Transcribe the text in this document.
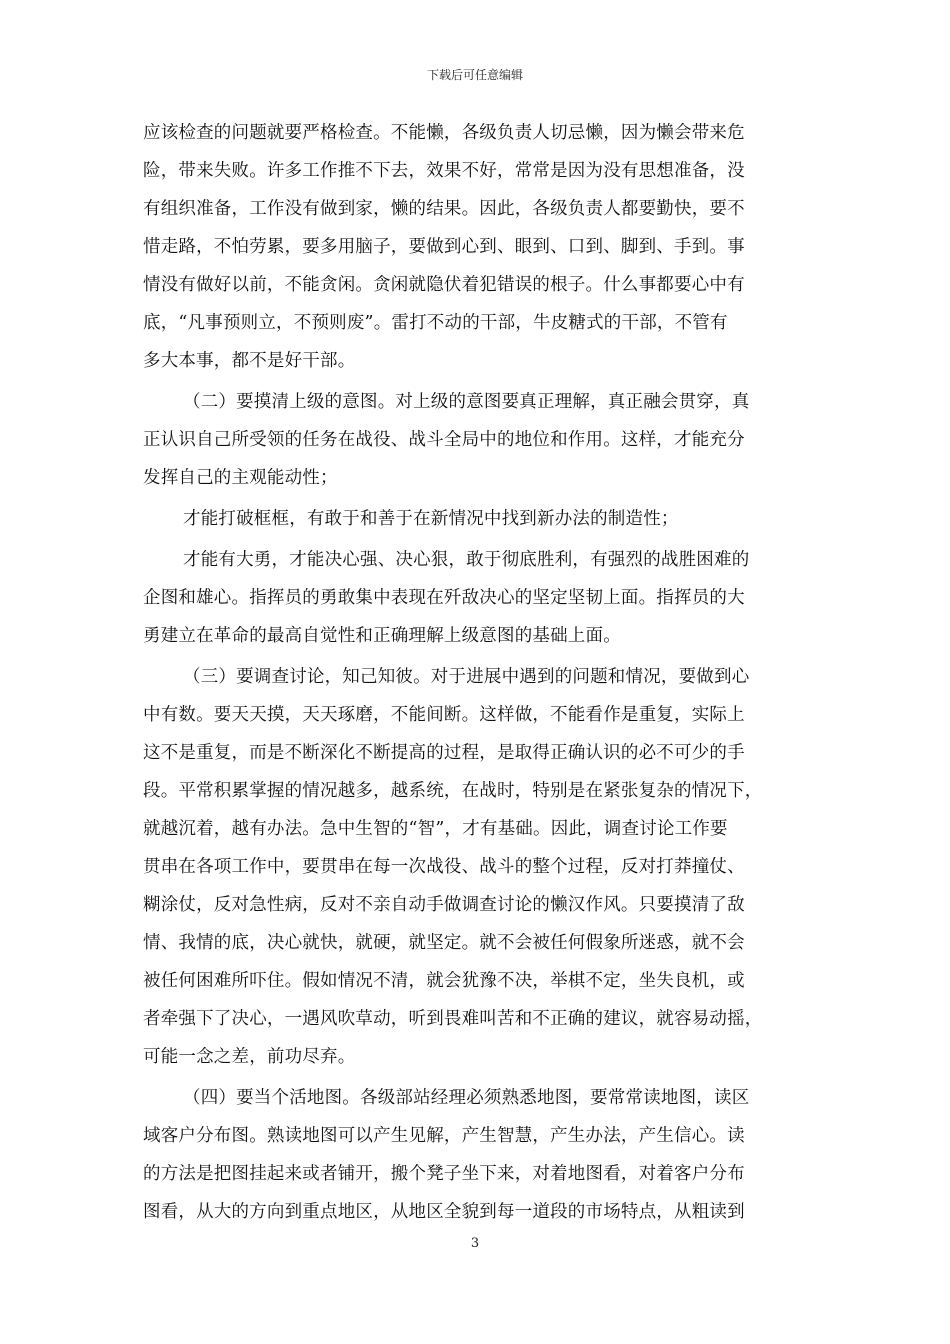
下载后可任意编辑
应该检查的问题就要严格检查。不能懒，各级负责人切忌懒，因为懒会带来危
险，带来失败。许多工作推不下去，效果不好，常常是因为没有思想准备，没
有组织准备，工作没有做到家，懒的结果。因此，各级负责人都要勤快，要不
惜走路，不怕劳累，要多用脑子，要做到心到、眼到、口到、脚到、手到。事
情没有做好以前，不能贪闲。贪闲就隐伏着犯错误的根子。什么事都要心中有
底，“凡事预则立，不预则废”。雷打不动的干部，牛皮糖式的干部，不管有
多大本事，都不是好干部。
（二）要摸清上级的意图。对上级的意图要真正理解，真正融会贯穿，真
正认识自己所受领的任务在战役、战斗全局中的地位和作用。这样，才能充分
发挥自己的主观能动性；
才能打破框框，有敢于和善于在新情况中找到新办法的制造性；
才能有大勇，才能决心强、决心狠，敢于彻底胜利，有强烈的战胜困难的
企图和雄心。指挥员的勇敢集中表现在歼敌决心的坚定坚韧上面。指挥员的大
勇建立在革命的最高自觉性和正确理解上级意图的基础上面。
（三）要调查讨论，知己知彼。对于进展中遇到的问题和情况，要做到心
中有数。要天天摸，天天琢磨，不能间断。这样做，不能看作是重复，实际上
这不是重复，而是不断深化不断提高的过程，是取得正确认识的必不可少的手
段。平常积累掌握的情况越多，越系统，在战时，特别是在紧张复杂的情况下，
就越沉着，越有办法。急中生智的“智”，才有基础。因此，调查讨论工作要
贯串在各项工作中，要贯串在每一次战役、战斗的整个过程，反对打莽撞仗、
糊涂仗，反对急性病，反对不亲自动手做调查讨论的懒汉作风。只要摸清了敌
情、我情的底，决心就快，就硬，就坚定。就不会被任何假象所迷惑，就不会
被任何困难所吓住。假如情况不清，就会犹豫不决，举棋不定，坐失良机，或
者牵强下了决心，一遇风吹草动，听到畏难叫苦和不正确的建议，就容易动摇，
可能一念之差，前功尽弃。
（四）要当个活地图。各级部站经理必须熟悉地图，要常常读地图，读区
域客户分布图。熟读地图可以产生见解，产生智慧，产生办法，产生信心。读
的方法是把图挂起来或者铺开，搬个凳子坐下来，对着地图看，对着客户分布
图看，从大的方向到重点地区，从地区全貌到每一道段的市场特点，从粗读到
3
